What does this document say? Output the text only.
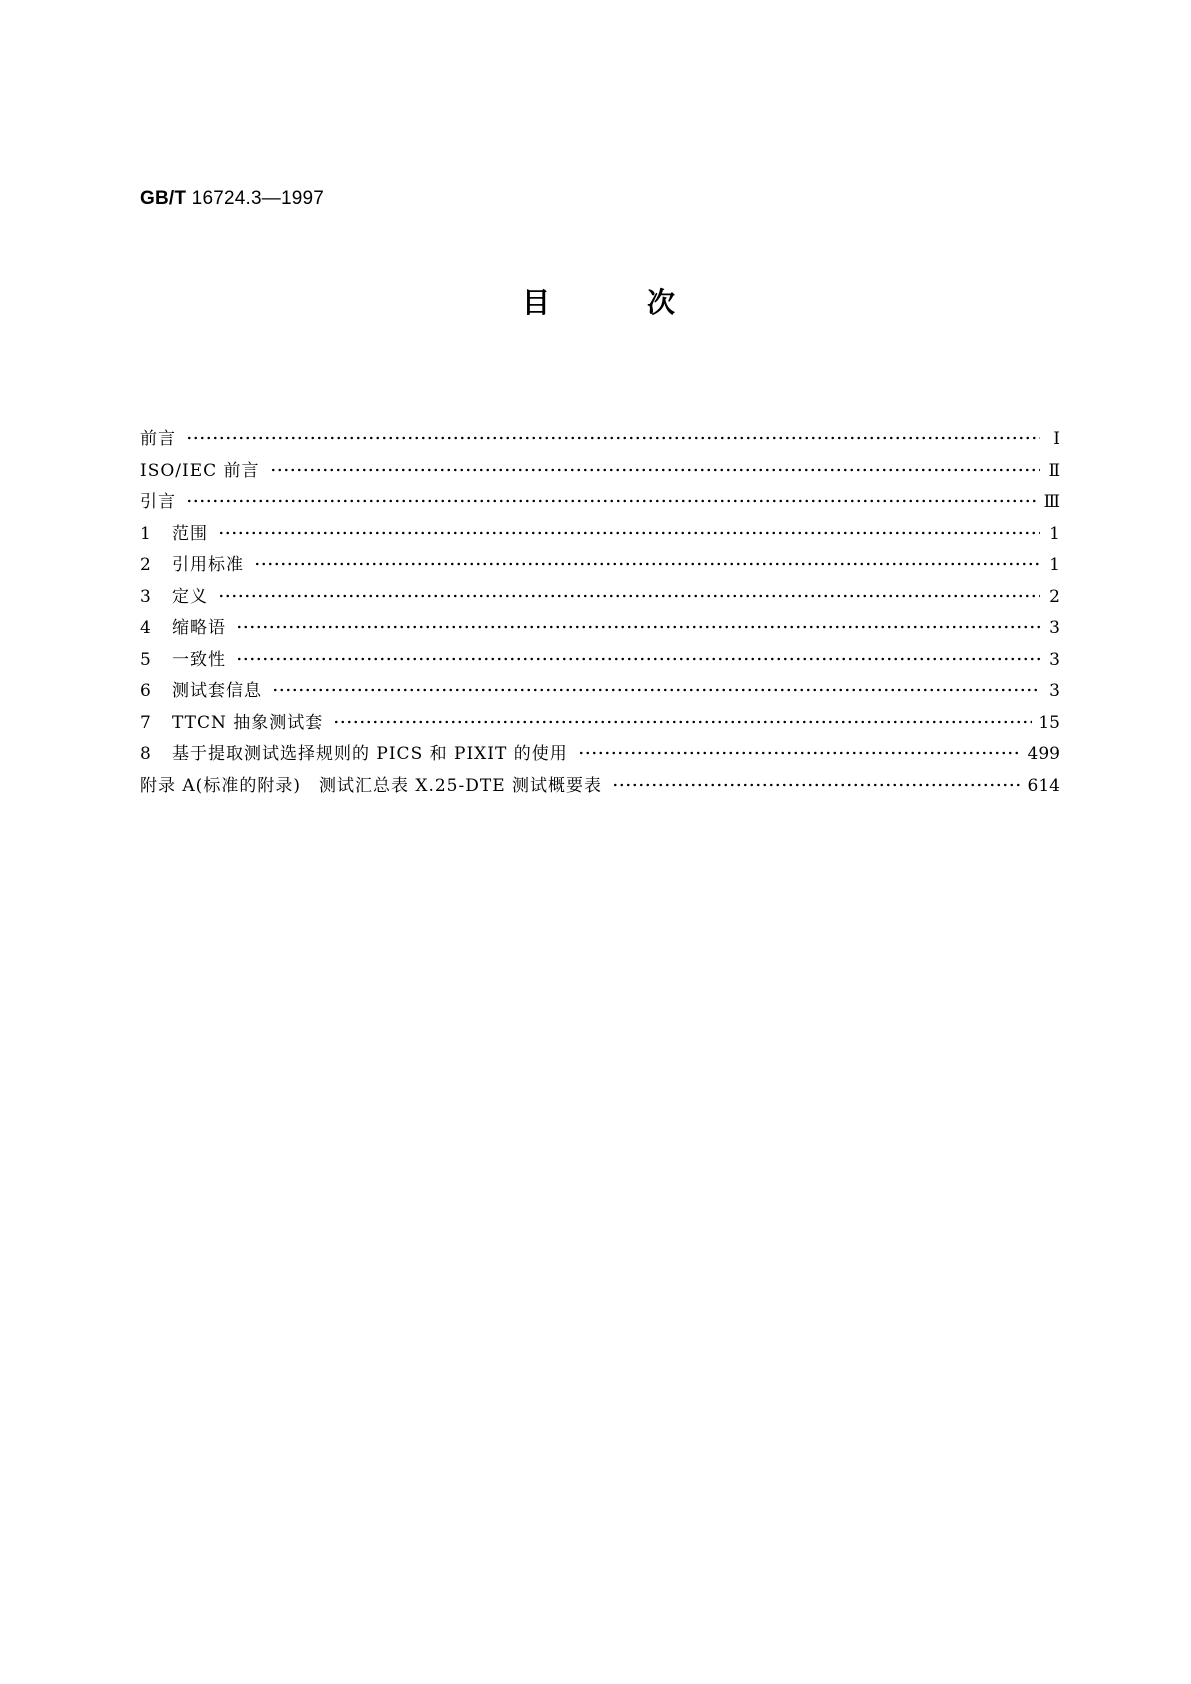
GB/T 16724.3—1997
目	次
前言	Ⅰ
ISO/IEC 前言	Ⅱ
引言	Ⅲ
1	范围	1
2	引用标准	1
3	定义	2
4	缩略语	3
5	一致性	3
6	测试套信息	3
7	TTCN 抽象测试套	15
8	基于提取测试选择规则的 PICS 和 PIXIT 的使用	499
附录 A(标准的附录)　测试汇总表 X.25-DTE 测试概要表	614
